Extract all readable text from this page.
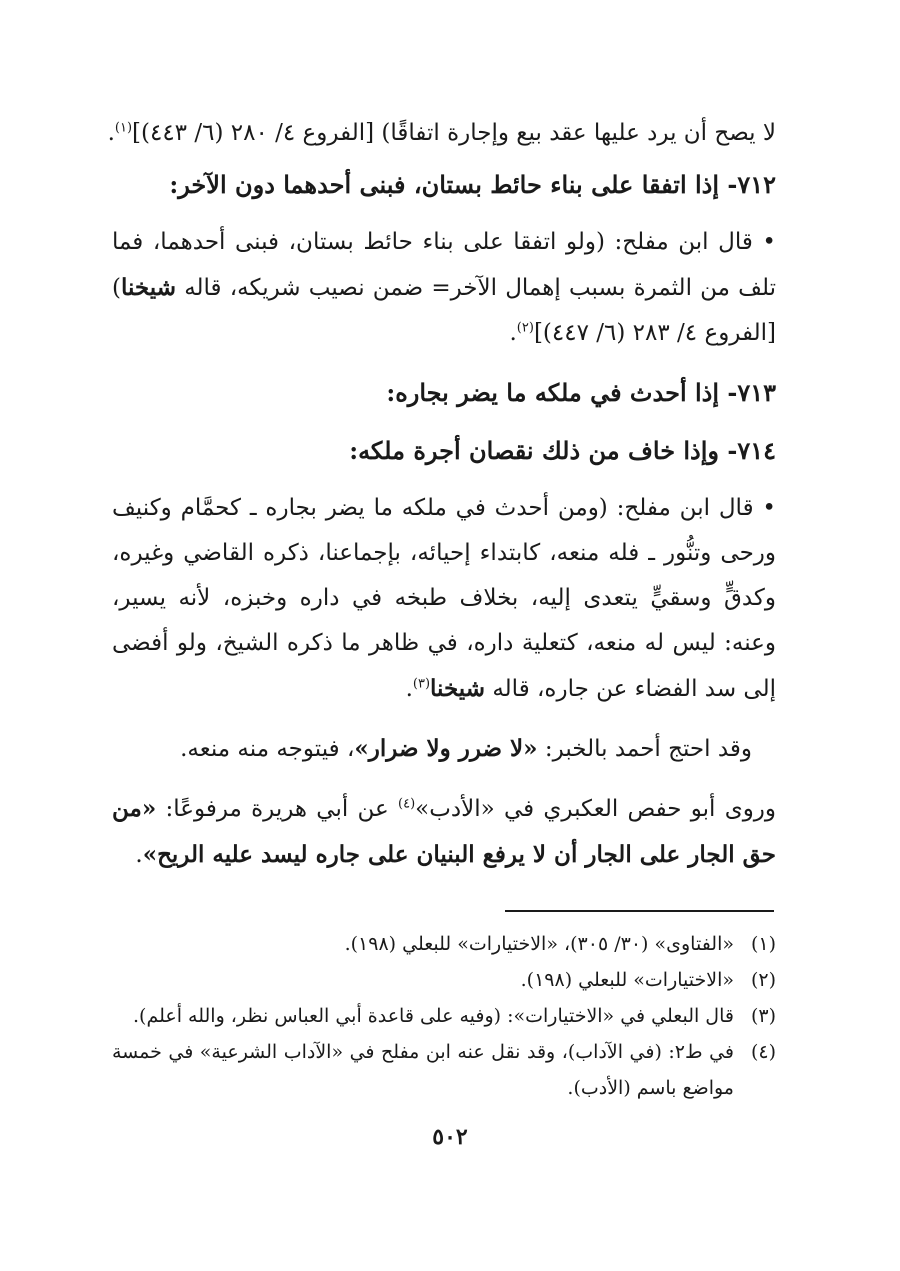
لا يصح أن يرد عليها عقد بيع وإجارة اتفاقًا) [الفروع ٤/ ٢٨٠ (٦/ ٤٤٣)]$^{(١)}$.
٧١٢- إذا اتفقا على بناء حائط بستان، فبنى أحدهما دون الآخر:
• قال ابن مفلح: (ولو اتفقا على بناء حائط بستان، فبنى أحدهما، فما تلف من الثمرة بسبب إهمال الآخر= ضمن نصيب شريكه، قاله شيخنا) [الفروع ٤/ ٢٨٣ (٦/ ٤٤٧)]$^{(٢)}$.
٧١٣- إذا أحدث في ملكه ما يضر بجاره:
٧١٤- وإذا خاف من ذلك نقصان أجرة ملكه:
• قال ابن مفلح: (ومن أحدث في ملكه ما يضر بجاره ـ كحمَّام وكنيف ورحى وتنُّور ـ فله منعه، كابتداء إحيائه، بإجماعنا، ذكره القاضي وغيره، وكدقٍّ وسقيٍّ يتعدى إليه، بخلاف طبخه في داره وخبزه، لأنه يسير، وعنه: ليس له منعه، كتعلية داره، في ظاهر ما ذكره الشيخ، ولو أفضى إلى سد الفضاء عن جاره، قاله شيخنا$^{(٣)}$.
وقد احتج أحمد بالخبر: «لا ضرر ولا ضرار»، فيتوجه منه منعه.
وروى أبو حفص العكبري في «الأدب»$^{(٤)}$ عن أبي هريرة مرفوعًا: «من حق الجار على الجار أن لا يرفع البنيان على جاره ليسد عليه الريح».
(١)
«الفتاوى» (٣٠/ ٣٠٥)، «الاختيارات» للبعلي (١٩٨).
(٢)
«الاختيارات» للبعلي (١٩٨).
(٣)
قال البعلي في «الاختيارات»: (وفيه على قاعدة أبي العباس نظر، والله أعلم).
(٤)
في ط٢: (في الآداب)، وقد نقل عنه ابن مفلح في «الآداب الشرعية» في خمسة مواضع باسم (الأدب).
٥٠٢
